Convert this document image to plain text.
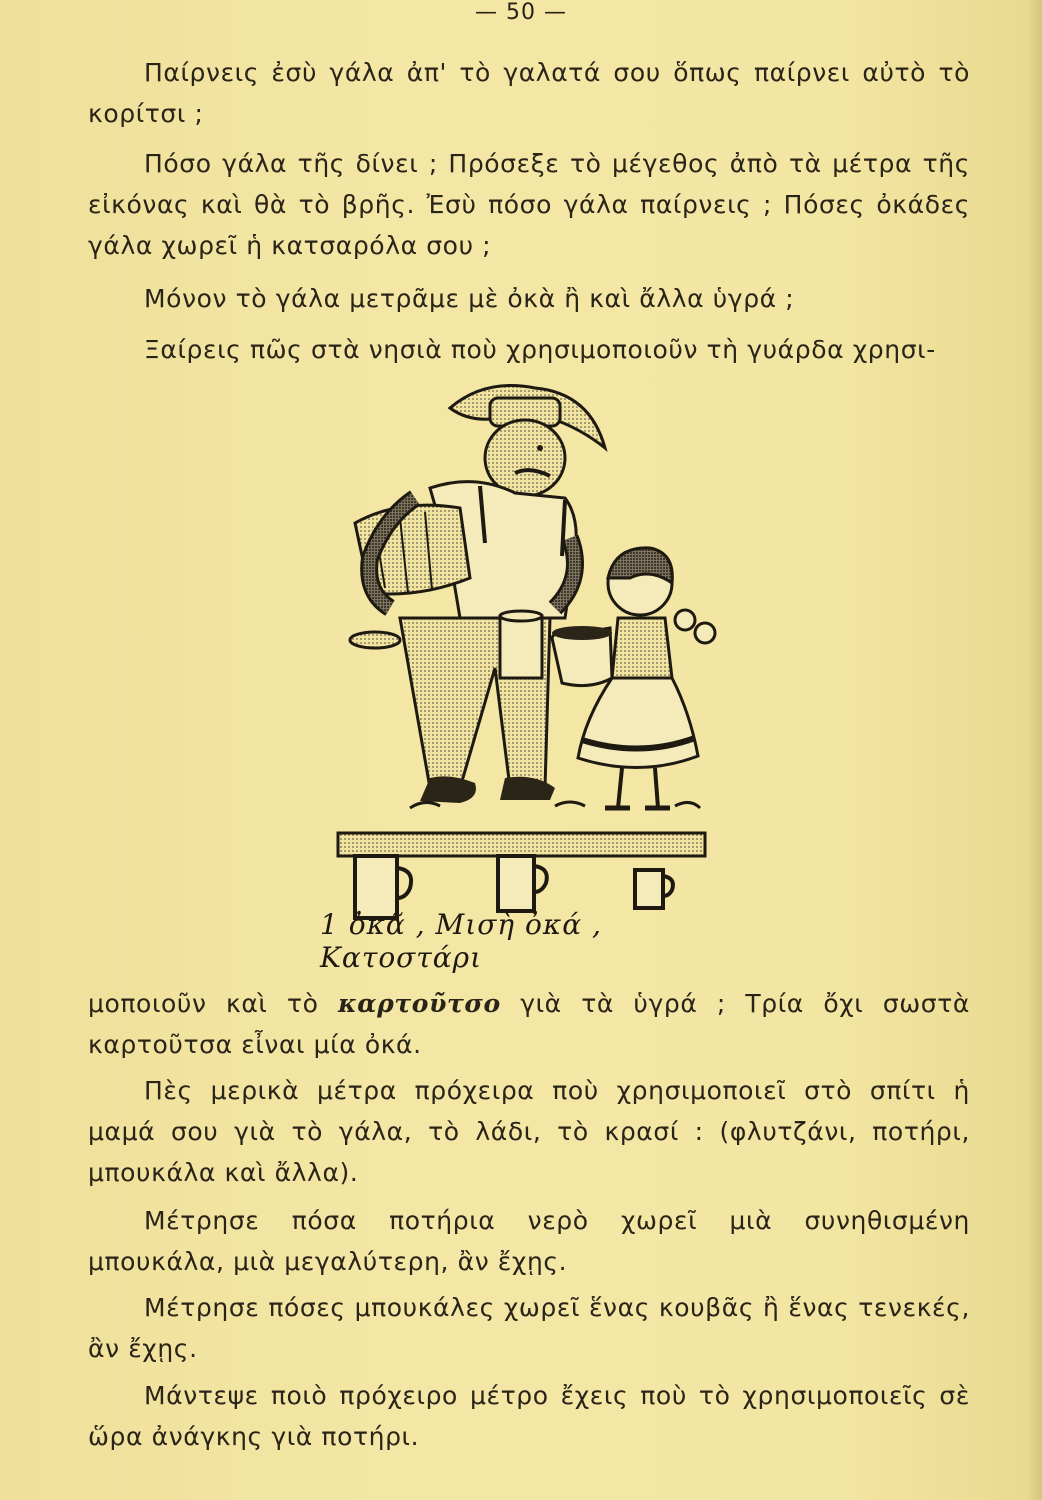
— 50 —
Παίρνεις ἐσὺ γάλα ἀπ' τὸ γαλατά σου ὅπως παίρνει αὐτὸ τὸ κορίτσι ;
Πόσο γάλα τῆς δίνει ; Πρόσεξε τὸ μέγεθος ἀπὸ τὰ μέτρα τῆς εἰκόνας καὶ θὰ τὸ βρῆς. Ἐσὺ πόσο γάλα παίρνεις ; Πόσες ὀκάδες γάλα χωρεῖ ἡ κατσαρόλα σου ;
Μόνον τὸ γάλα μετρᾶμε μὲ ὀκὰ ἢ καὶ ἄλλα ὑγρά ;
Ξαίρεις πῶς στὰ νησιὰ ποὺ χρησιμοποιοῦν τὴ γυάρδα χρησι-
1 ὀκᾶ , Μισὴ ὀκά , Κατοστάρι
μοποιοῦν καὶ τὸ καρτοῦτσο γιὰ τὰ ὑγρά ; Τρία ὄχι σωστὰ καρτοῦτσα εἶναι μία ὀκά.
Πὲς μερικὰ μέτρα πρόχειρα ποὺ χρησιμοποιεῖ στὸ σπίτι ἡ μαμά σου γιὰ τὸ γάλα, τὸ λάδι, τὸ κρασί : (φλυτζάνι, ποτήρι, μπουκάλα καὶ ἄλλα).
Μέτρησε πόσα ποτήρια νερὸ χωρεῖ μιὰ συνηθισμένη μπουκάλα, μιὰ μεγαλύτερη, ἂν ἔχῃς.
Μέτρησε πόσες μπουκάλες χωρεῖ ἕνας κουβᾶς ἢ ἕνας τενεκές, ἂν ἔχῃς.
Μάντεψε ποιὸ πρόχειρο μέτρο ἔχεις ποὺ τὸ χρησιμοποιεῖς σὲ ὥρα ἀνάγκης γιὰ ποτήρι.
